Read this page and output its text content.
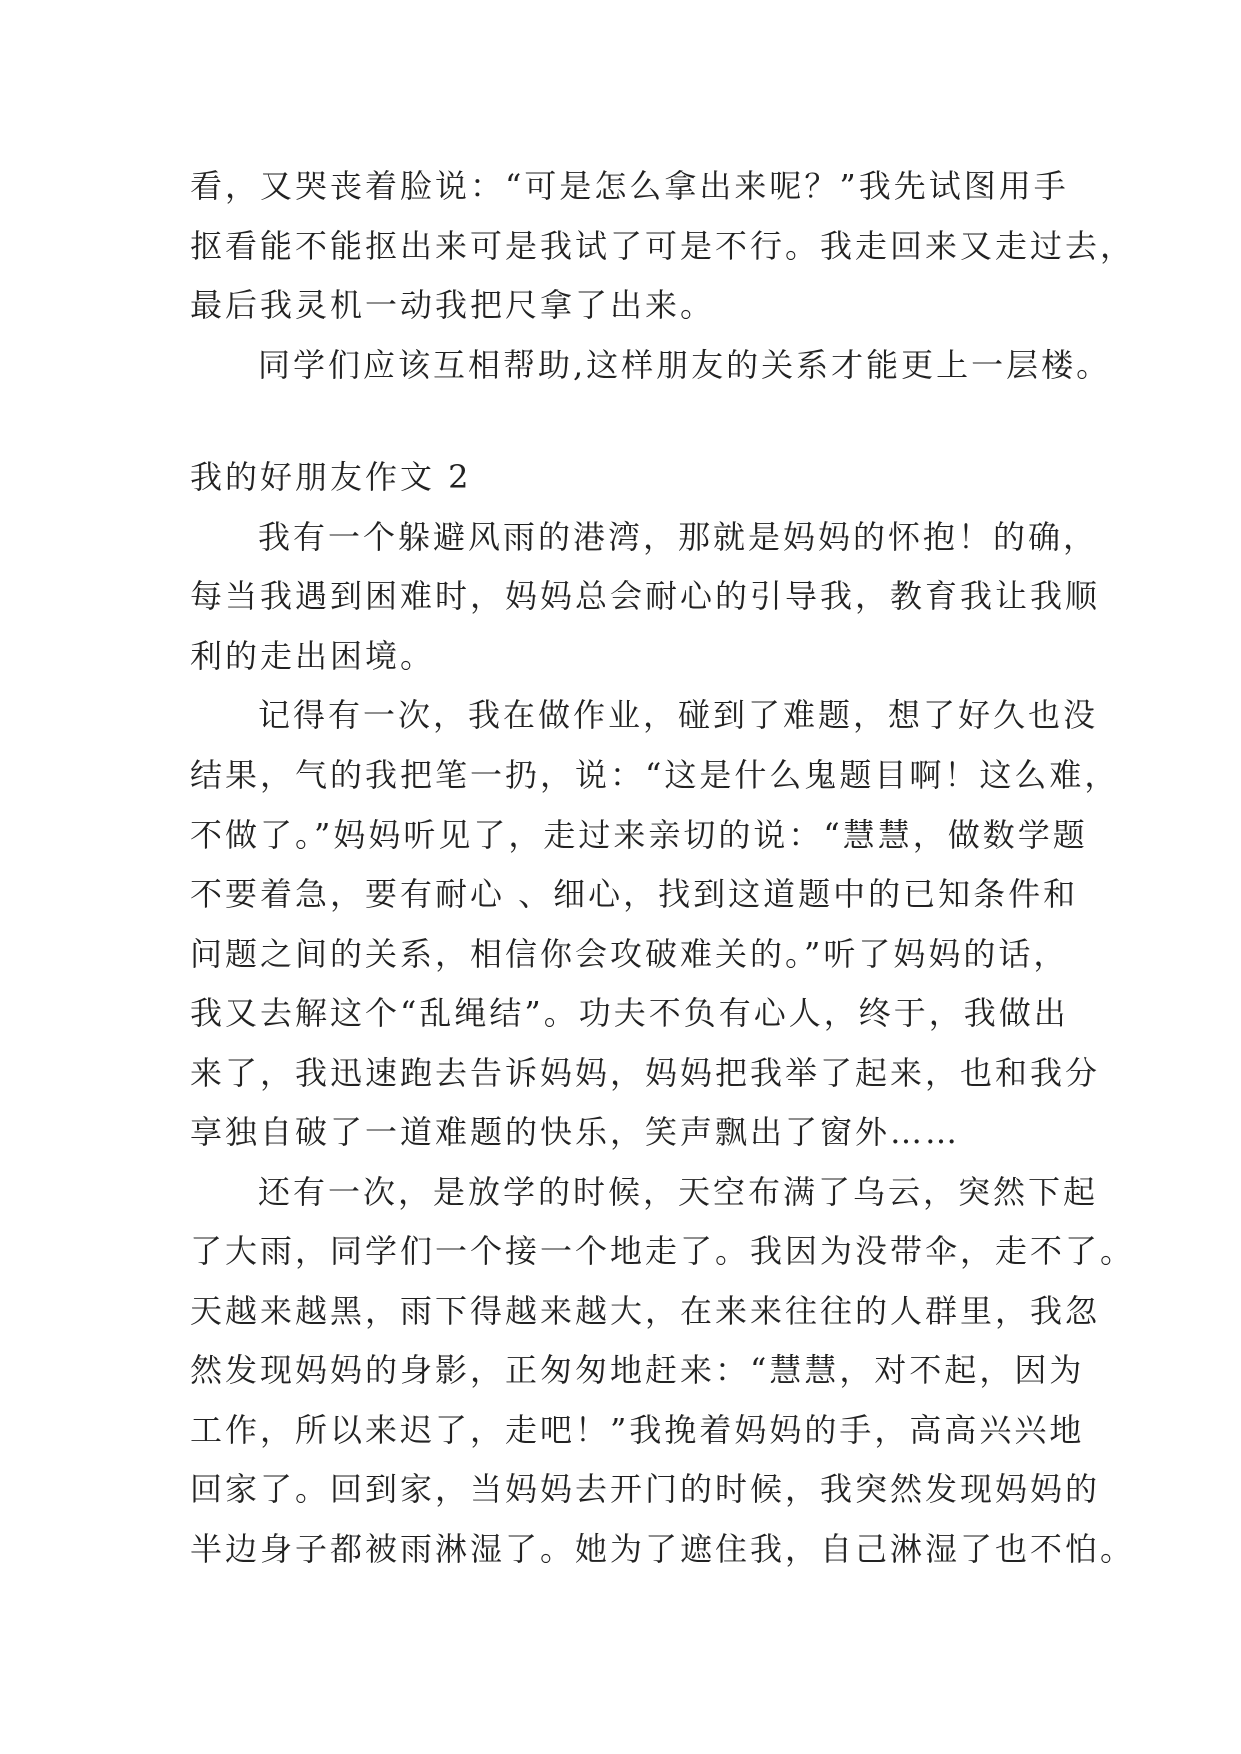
看，又哭丧着脸说：“可是怎么拿出来呢？”我先试图用手
抠看能不能抠出来可是我试了可是不行。我走回来又走过去，
最后我灵机一动我把尺拿了出来。
同学们应该互相帮助,这样朋友的关系才能更上一层楼。
我的好朋友作文 2
我有一个躲避风雨的港湾，那就是妈妈的怀抱！的确，
每当我遇到困难时，妈妈总会耐心的引导我，教育我让我顺
利的走出困境。
记得有一次，我在做作业，碰到了难题，想了好久也没
结果，气的我把笔一扔，说：“这是什么鬼题目啊！这么难，
不做了。”妈妈听见了，走过来亲切的说：“慧慧，做数学题
不要着急，要有耐心 、细心，找到这道题中的已知条件和
问题之间的关系，相信你会攻破难关的。”听了妈妈的话，
我又去解这个“乱绳结”。功夫不负有心人，终于，我做出
来了，我迅速跑去告诉妈妈，妈妈把我举了起来，也和我分
享独自破了一道难题的快乐，笑声飘出了窗外……
还有一次，是放学的时候，天空布满了乌云，突然下起
了大雨，同学们一个接一个地走了。我因为没带伞，走不了。
天越来越黑，雨下得越来越大，在来来往往的人群里，我忽
然发现妈妈的身影，正匆匆地赶来：“慧慧，对不起，因为
工作，所以来迟了，走吧！”我挽着妈妈的手，高高兴兴地
回家了。回到家，当妈妈去开门的时候，我突然发现妈妈的
半边身子都被雨淋湿了。她为了遮住我，自己淋湿了也不怕。
